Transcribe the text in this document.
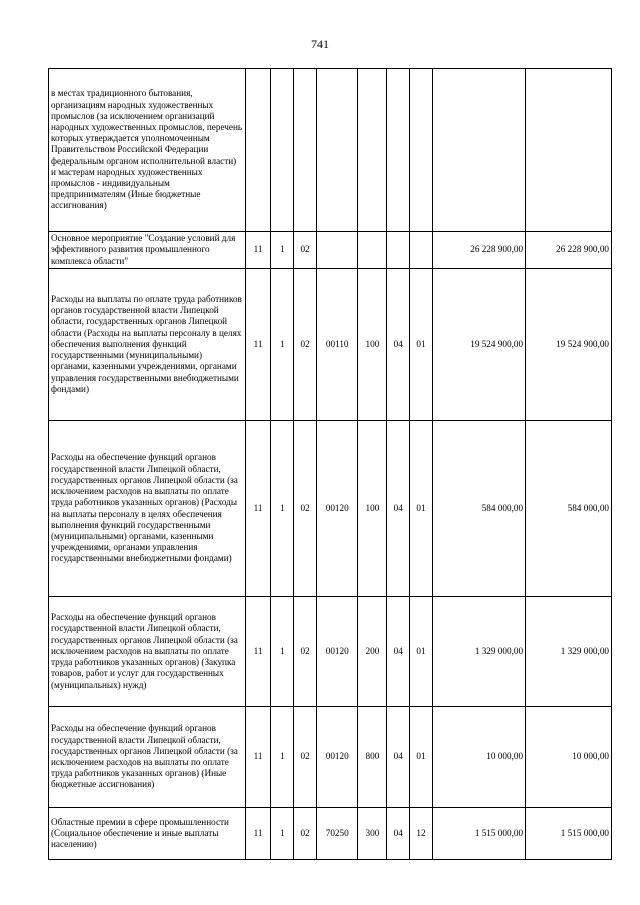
741
в местах традиционного бытования, организациям народных художественных промыслов (за исключением организаций народных художественных промыслов, перечень которых утверждается уполномоченным Правительством Российской Федерации федеральным органом исполнительной власти) и мастерам народных художественных промыслов - индивидуальным предпринимателям (Иные бюджетные ассигнования)									
Основное мероприятие "Создание условий для эффективного развития промышленного комплекса области"	11	1	02					26 228 900,00	26 228 900,00
Расходы на выплаты по оплате труда работников органов государственной власти Липецкой области, государственных органов Липецкой области (Расходы на выплаты персоналу в целях обеспечения выполнения функций государственными (муниципальными) органами, казенными учреждениями, органами управления государственными внебюджетными фондами)	11	1	02	00110	100	04	01	19 524 900,00	19 524 900,00
Расходы на обеспечение функций органов государственной власти Липецкой области, государственных органов Липецкой области (за исключением расходов на выплаты по оплате труда работников указанных органов) (Расходы на выплаты персоналу в целях обеспечения выполнения функций государственными (муниципальными) органами, казенными учреждениями, органами управления государственными внебюджетными фондами)	11	1	02	00120	100	04	01	584 000,00	584 000,00
Расходы на обеспечение функций органов государственной власти Липецкой области, государственных органов Липецкой области (за исключением расходов на выплаты по оплате труда работников указанных органов) (Закупка товаров, работ и услуг для государственных (муниципальных) нужд)	11	1	02	00120	200	04	01	1 329 000,00	1 329 000,00
Расходы на обеспечение функций органов государственной власти Липецкой области, государственных органов Липецкой области (за исключением расходов на выплаты по оплате труда работников указанных органов) (Иные бюджетные ассигнования)	11	1	02	00120	800	04	01	10 000,00	10 000,00
Областные премии в сфере промышленности (Социальное обеспечение и иные выплаты населению)	11	1	02	70250	300	04	12	1 515 000,00	1 515 000,00
